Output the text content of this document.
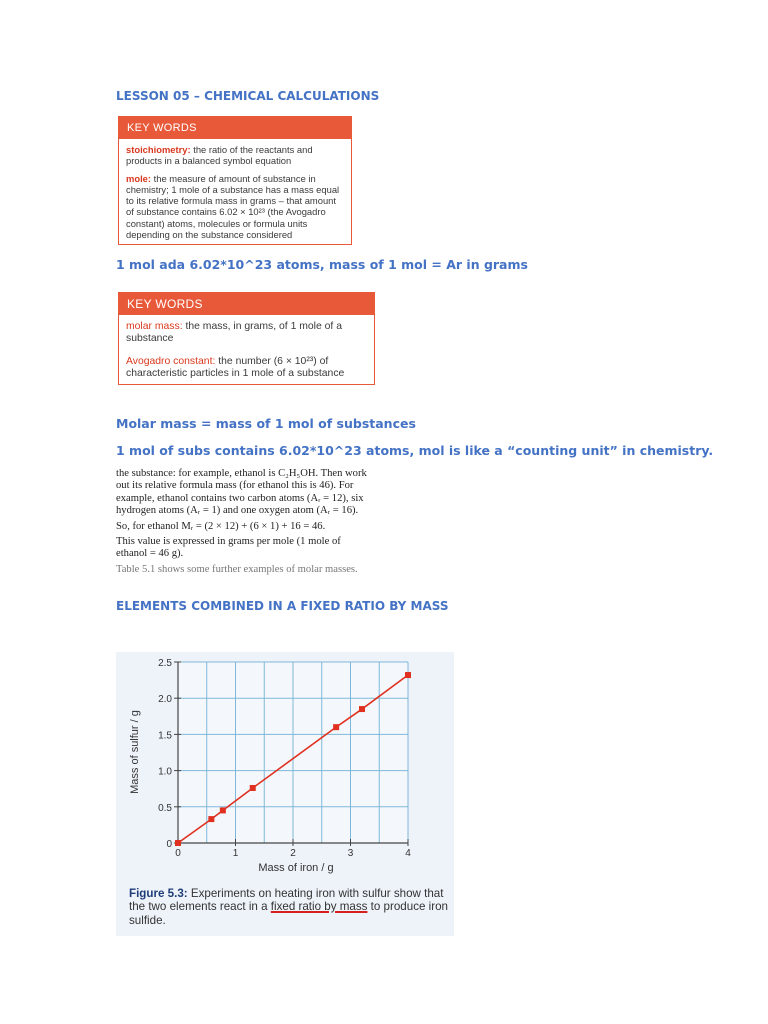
LESSON 05 – CHEMICAL CALCULATIONS
KEY WORDS

stoichiometry: the ratio of the reactants and products in a balanced symbol equation

mole: the measure of amount of substance in chemistry; 1 mole of a substance has a mass equal to its relative formula mass in grams – that amount of substance contains 6.02 × 10²³ (the Avogadro constant) atoms, molecules or formula units depending on the substance considered

1 mol ada 6.02*10^23 atoms, mass of 1 mol = Ar in grams
KEY WORDS

molar mass: the mass, in grams, of 1 mole of a substance

Avogadro constant: the number (6 × 10²³) of characteristic particles in 1 mole of a substance

Molar mass = mass of 1 mol of substances
1 mol of subs contains 6.02*10^23 atoms, mol is like a “counting unit” in chemistry.

the substance: for example, ethanol is C₂H₅OH. Then work out its relative formula mass (for ethanol this is 46). For example, ethanol contains two carbon atoms (Aᵣ = 12), six hydrogen atoms (Aᵣ = 1) and one oxygen atom (Aᵣ = 16).

So, for ethanol Mᵣ = (2 × 12) + (6 × 1) + 16 = 46.

This value is expressed in grams per mole (1 mole of ethanol = 46 g).

Table 5.1 shows some further examples of molar masses.

ELEMENTS COMBINED IN A FIXED RATIO BY MASS
0	1	2	3	4
0
0.5
1.0
1.5
2.0
2.5
Mass of iron / g
Mass of sulfur / g
Figure 5.3: Experiments on heating iron with sulfur show that the two elements react in a fixed ratio by mass to produce iron sulfide.
